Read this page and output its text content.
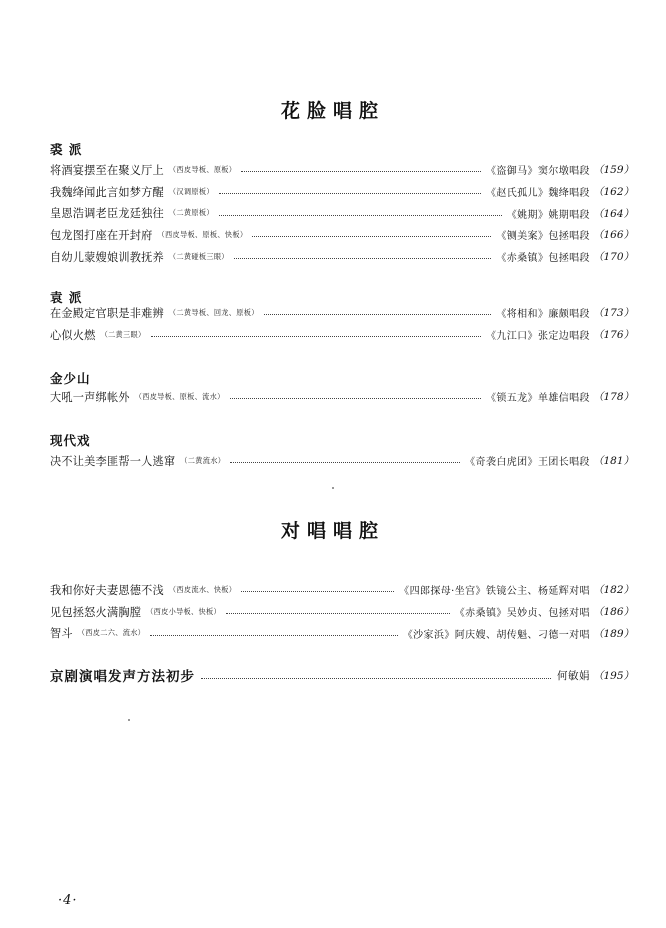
花脸唱腔
裘 派
将酒宴摆至在聚义厅上 （西皮导板、原板）	《盗御马》窦尔墩唱段 （159）
我魏绛闻此言如梦方醒 （汉调原板）	《赵氏孤儿》魏绛唱段 （162）
皇恩浩调老臣龙廷独往 （二黄原板）	《姚期》姚期唱段 （164）
包龙图打座在开封府 （西皮导板、原板、快板）	《铡美案》包拯唱段 （166）
自幼儿蒙嫂娘训教抚养 （二黄碰板三眼）	《赤桑镇》包拯唱段 （170）
袁 派
在金殿定官职是非难辨 （二黄导板、回龙、原板）	《将相和》廉颇唱段 （173）
心似火燃 （二黄三眼）	《九江口》张定边唱段 （176）
金少山
大吼一声绑帐外 （西皮导板、原板、流水）	《锁五龙》单雄信唱段 （178）
现代戏
决不让美李匪帮一人逃窜 （二黄流水）	《奇袭白虎团》王团长唱段 （181）
对唱唱腔
我和你好夫妻恩德不浅 （西皮流水、快板）	《四郎探母·坐宫》铁镜公主、杨延辉对唱 （182）
见包拯怒火满胸膛 （西皮小导板、快板）	《赤桑镇》吴妙贞、包拯对唱 （186）
智斗 （西皮二六、流水）	《沙家浜》阿庆嫂、胡传魁、刁德一对唱 （189）
京剧演唱发声方法初步	何敏娟 （195）
·4·
